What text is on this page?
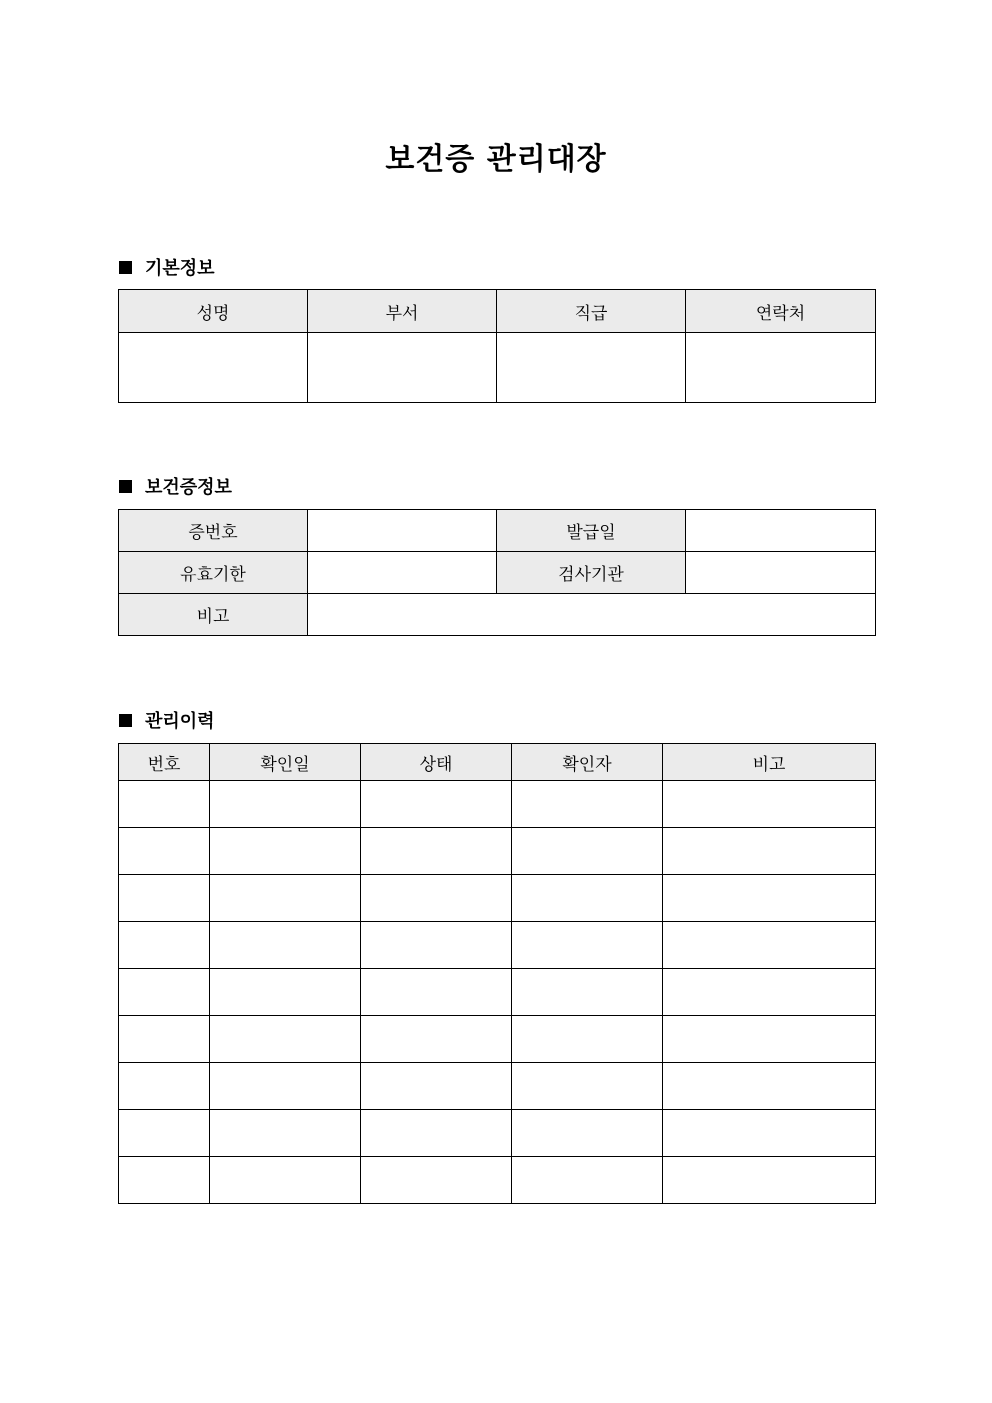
보건증 관리대장
기본정보
성명	부서	직급	연락처

보건증정보
증번호		발급일	
유효기한		검사기관	
비고			
관리이력
번호	확인일	상태	확인자	비고
